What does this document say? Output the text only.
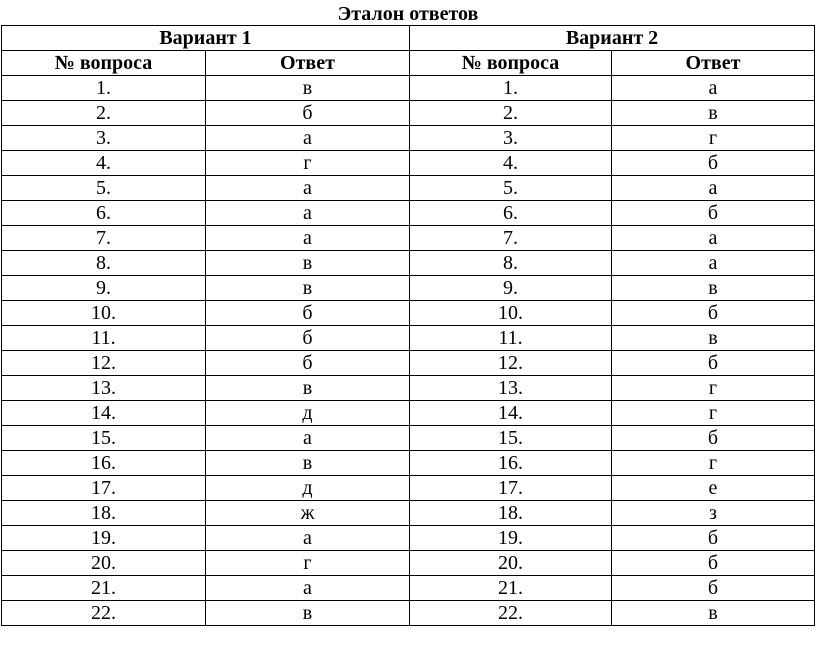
Эталон ответов
Вариант 1		Вариант 2	
№ вопроса	Ответ	№ вопроса	Ответ
1.	в	1.	а
2.	б	2.	в
3.	а	3.	г
4.	г	4.	б
5.	а	5.	а
6.	а	6.	б
7.	а	7.	а
8.	в	8.	а
9.	в	9.	в
10.	б	10.	б
11.	б	11.	в
12.	б	12.	б
13.	в	13.	г
14.	д	14.	г
15.	а	15.	б
16.	в	16.	г
17.	д	17.	е
18.	ж	18.	з
19.	а	19.	б
20.	г	20.	б
21.	а	21.	б
22.	в	22.	в
